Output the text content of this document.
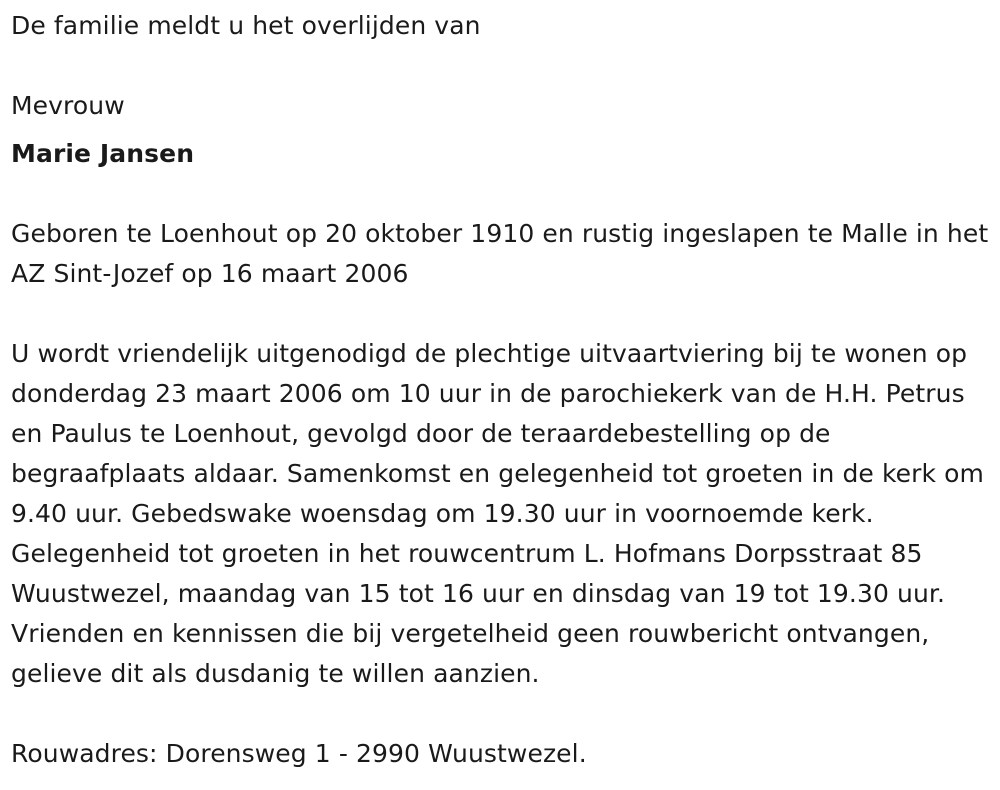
De familie meldt u het overlijden van

Mevrouw

Marie Jansen

Geboren te Loenhout op 20 oktober 1910 en rustig ingeslapen te Malle in het AZ Sint-Jozef op 16 maart 2006

U wordt vriendelijk uitgenodigd de plechtige uitvaartviering bij te wonen op donderdag 23 maart 2006 om 10 uur in de parochiekerk van de H.H. Petrus en Paulus te Loenhout, gevolgd door de teraardebestelling op de begraafplaats aldaar. Samenkomst en gelegenheid tot groeten in de kerk om 9.40 uur. Gebedswake woensdag om 19.30 uur in voornoemde kerk. Gelegenheid tot groeten in het rouwcentrum L. Hofmans Dorpsstraat 85 Wuustwezel, maandag van 15 tot 16 uur en dinsdag van 19 tot 19.30 uur. Vrienden en kennissen die bij vergetelheid geen rouwbericht ontvangen, gelieve dit als dusdanig te willen aanzien.

Rouwadres: Dorensweg 1 - 2990 Wuustwezel.
